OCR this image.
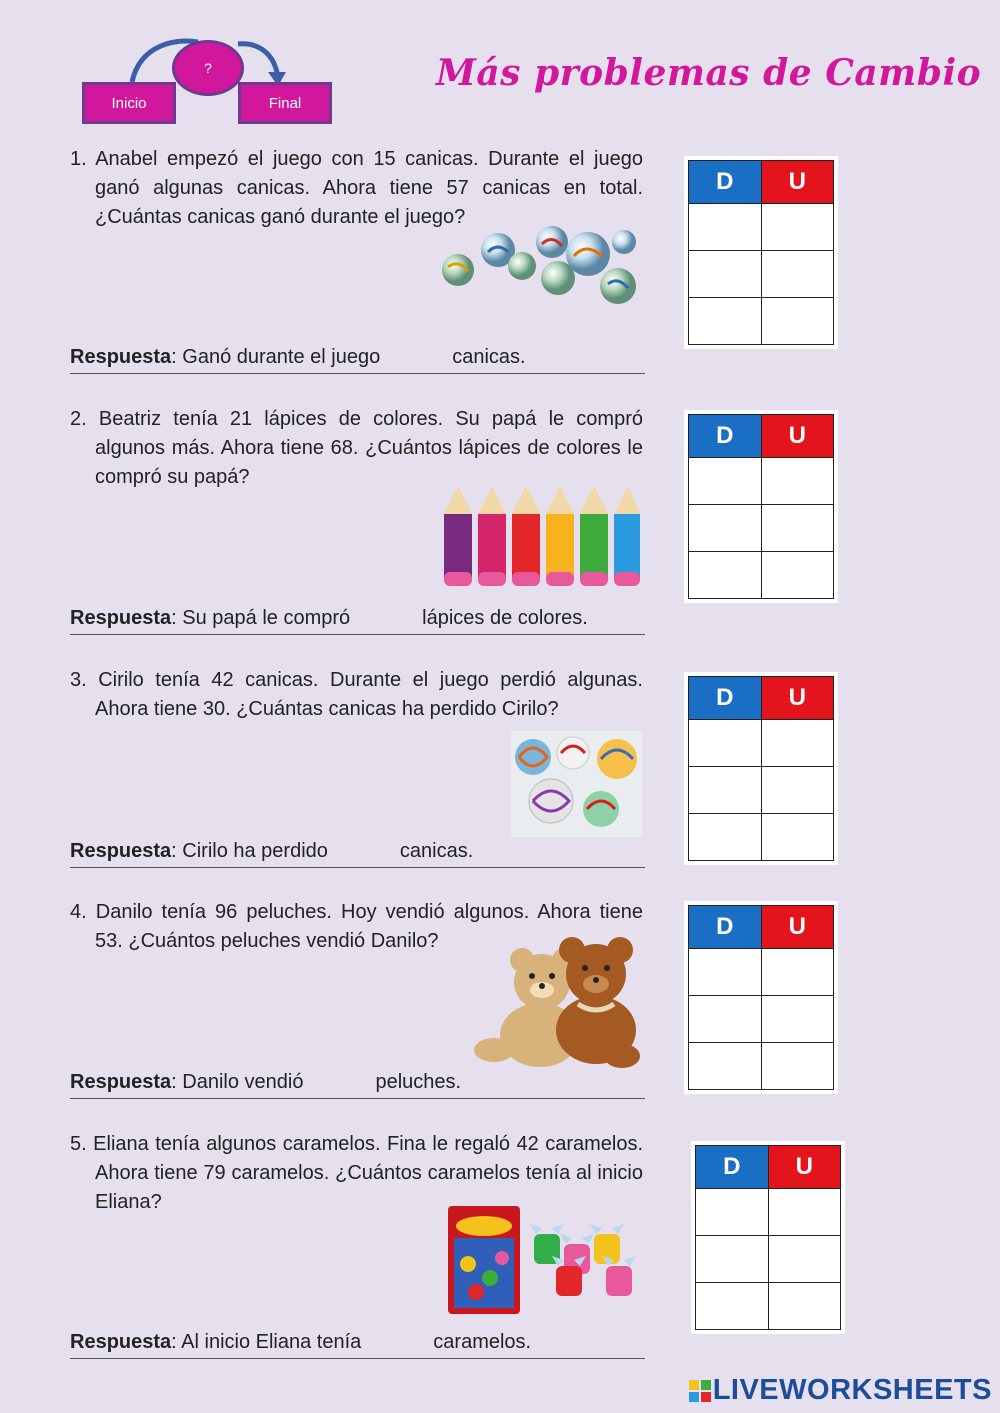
?
Inicio	Final
Más problemas de Cambio

1. Anabel empezó el juego con 15 canicas. Durante el juego ganó algunas canicas. Ahora tiene 57 canicas en total. ¿Cuántas canicas ganó durante el juego?

Respuesta: Ganó durante el juego	canicas.
D	U

2. Beatriz tenía 21 lápices de colores. Su papá le compró algunos más. Ahora tiene 68. ¿Cuántos lápices de colores le compró su papá?

Respuesta: Su papá le compró	lápices de colores.
D	U

3. Cirilo tenía 42 canicas. Durante el juego perdió algunas. Ahora tiene 30. ¿Cuántas canicas ha perdido Cirilo?

Respuesta: Cirilo ha perdido	canicas.
D	U

4. Danilo tenía 96 peluches. Hoy vendió algunos. Ahora tiene 53. ¿Cuántos peluches vendió Danilo?

Respuesta: Danilo vendió	peluches.
D	U

5. Eliana tenía algunos caramelos. Fina le regaló 42 caramelos. Ahora tiene 79 caramelos. ¿Cuántos caramelos tenía al inicio Eliana?

Respuesta: Al inicio Eliana tenía	caramelos.
D	U

LIVEWORKSHEETS
